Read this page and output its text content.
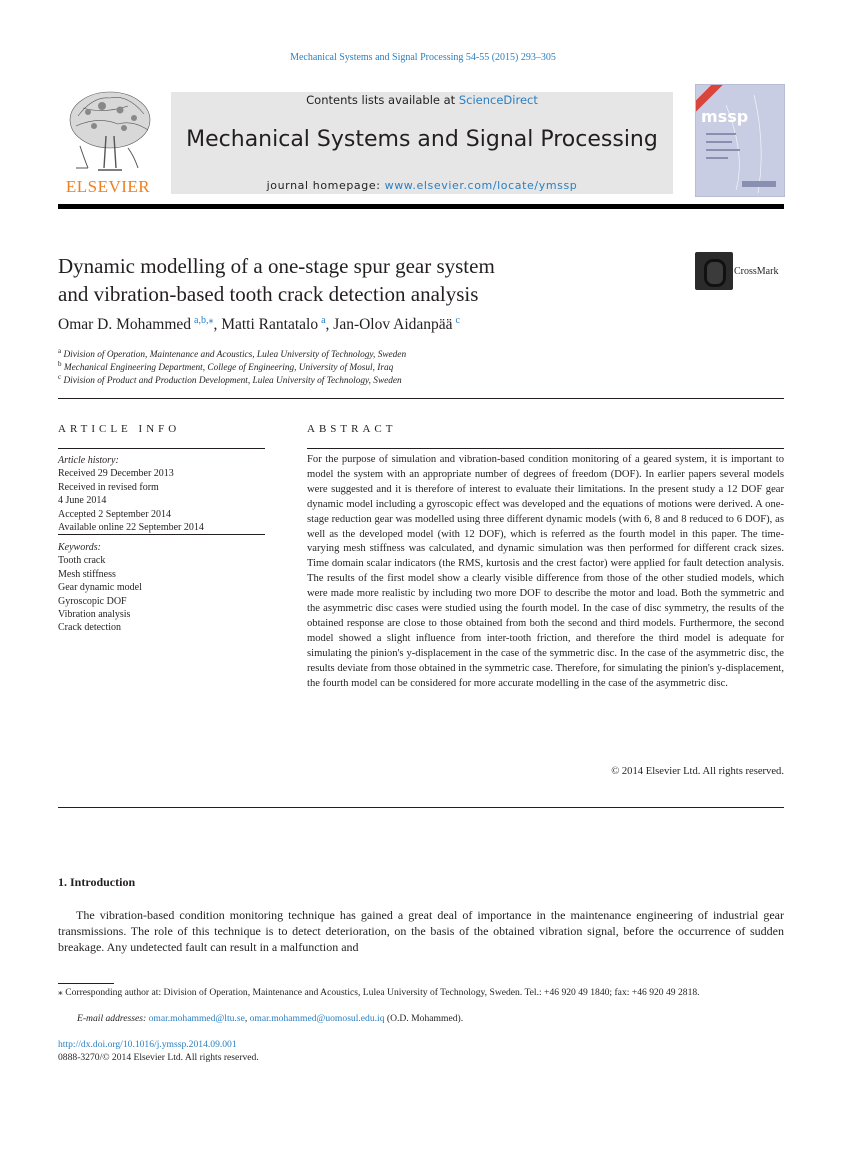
Mechanical Systems and Signal Processing 54-55 (2015) 293–305
ELSEVIER
Contents lists available at ScienceDirect
Mechanical Systems and Signal Processing
journal homepage: www.elsevier.com/locate/ymssp
mssp
Dynamic modelling of a one-stage spur gear system
and vibration-based tooth crack detection analysis
CrossMark
Omar D. Mohammed $^{a,b,⁎}$, Matti Rantatalo $^a$, Jan-Olov Aidanpää $^c$
$^a$ Division of Operation, Maintenance and Acoustics, Lulea University of Technology, Sweden
$^b$ Mechanical Engineering Department, College of Engineering, University of Mosul, Iraq
$^c$ Division of Product and Production Development, Lulea University of Technology, Sweden
ARTICLE INFO
Article history:
Received 29 December 2013
Received in revised form
4 June 2014
Accepted 2 September 2014
Available online 22 September 2014
Keywords:
Tooth crack
Mesh stiffness
Gear dynamic model
Gyroscopic DOF
Vibration analysis
Crack detection
ABSTRACT
For the purpose of simulation and vibration-based condition monitoring of a geared system, it is important to model the system with an appropriate number of degrees of freedom (DOF). In earlier papers several models were suggested and it is therefore of interest to evaluate their limitations. In the present study a 12 DOF gear dynamic model including a gyroscopic effect was developed and the equations of motions were derived. A one-stage reduction gear was modelled using three different dynamic models (with 6, 8 and 8 reduced to 6 DOF), as well as the developed model (with 12 DOF), which is referred as the fourth model in this paper. The time-varying mesh stiffness was calculated, and dynamic simulation was then performed for different crack sizes. Time domain scalar indicators (the RMS, kurtosis and the crest factor) were applied for fault detection analysis. The results of the first model show a clearly visible difference from those of the other studied models, which were made more realistic by including two more DOF to describe the motor and load. Both the symmetric and the asymmetric disc cases were studied using the fourth model. In the case of disc symmetry, the results of the obtained response are close to those obtained from both the second and third models. Furthermore, the second model showed a slight influence from inter-tooth friction, and therefore the third model is adequate for simulating the pinion's y-displacement in the case of the symmetric disc. In the case of the asymmetric disc, the results deviate from those obtained in the symmetric case. Therefore, for simulating the pinion's y-displacement, the fourth model can be considered for more accurate modelling in the case of the asymmetric disc.
© 2014 Elsevier Ltd. All rights reserved.
1. Introduction
The vibration-based condition monitoring technique has gained a great deal of importance in the maintenance engineering of industrial gear transmissions. The role of this technique is to detect deterioration, on the basis of the obtained vibration signal, before the occurrence of sudden breakage. Any undetected fault can result in a malfunction and
⁎ Corresponding author at: Division of Operation, Maintenance and Acoustics, Lulea University of Technology, Sweden. Tel.: +46 920 49 1840; fax: +46 920 49 2818.
E-mail addresses: omar.mohammed@ltu.se, omar.mohammed@uomosul.edu.iq (O.D. Mohammed).
http://dx.doi.org/10.1016/j.ymssp.2014.09.001
0888-3270/© 2014 Elsevier Ltd. All rights reserved.
